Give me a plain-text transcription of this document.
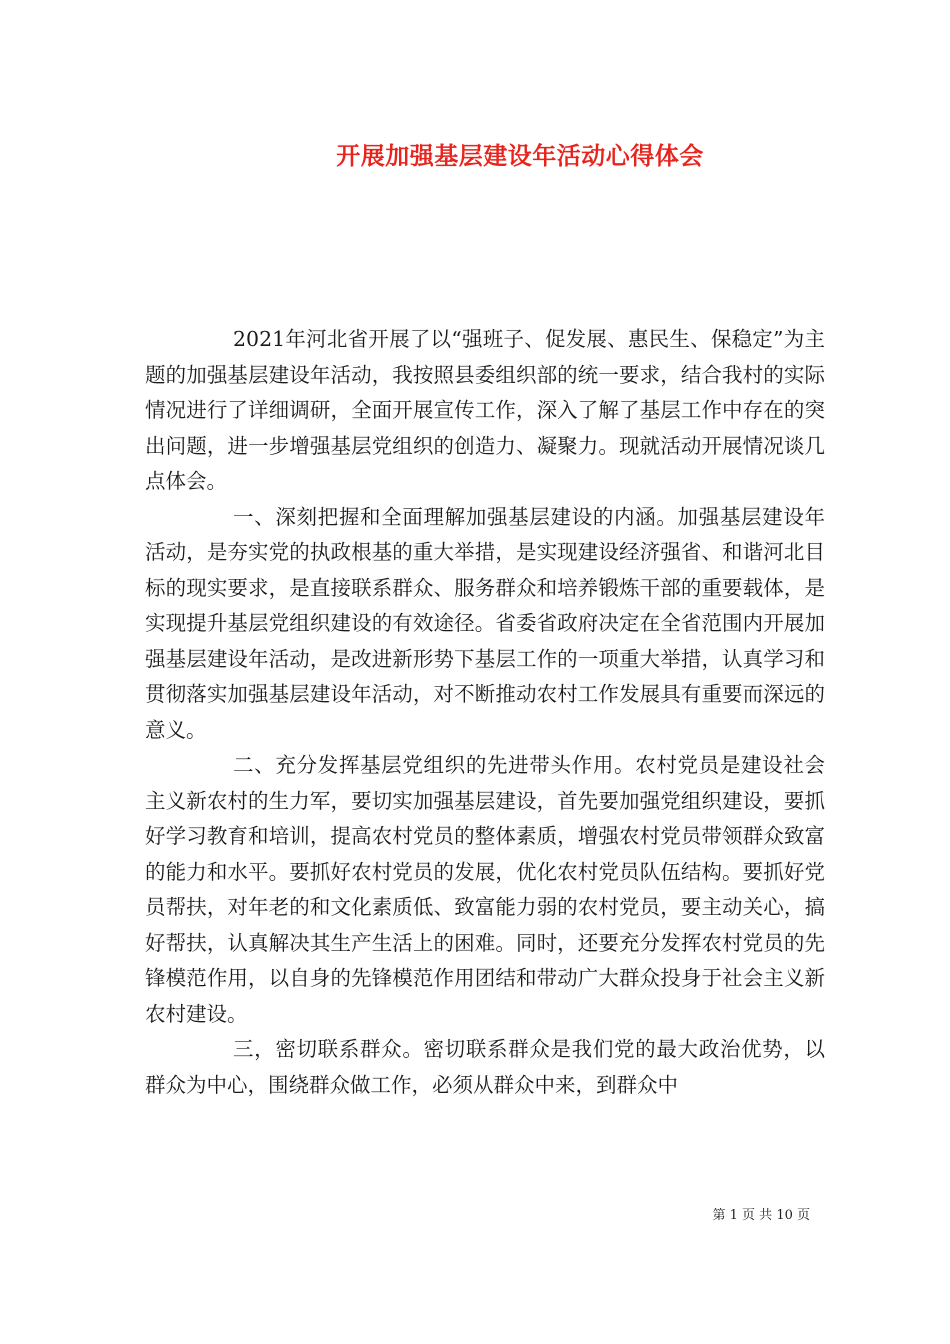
开展加强基层建设年活动心得体会

2021年河北省开展了以“强班子、促发展、惠民生、保稳定”为主题的加强基层建设年活动，我按照县委组织部的统一要求，结合我村的实际情况进行了详细调研，全面开展宣传工作，深入了解了基层工作中存在的突出问题，进一步增强基层党组织的创造力、凝聚力。现就活动开展情况谈几点体会。

一、深刻把握和全面理解加强基层建设的内涵。加强基层建设年活动，是夯实党的执政根基的重大举措，是实现建设经济强省、和谐河北目标的现实要求，是直接联系群众、服务群众和培养锻炼干部的重要载体，是实现提升基层党组织建设的有效途径。省委省政府决定在全省范围内开展加强基层建设年活动，是改进新形势下基层工作的一项重大举措，认真学习和贯彻落实加强基层建设年活动，对不断推动农村工作发展具有重要而深远的意义。

二、充分发挥基层党组织的先进带头作用。农村党员是建设社会主义新农村的生力军，要切实加强基层建设，首先要加强党组织建设，要抓好学习教育和培训，提高农村党员的整体素质，增强农村党员带领群众致富的能力和水平。要抓好农村党员的发展，优化农村党员队伍结构。要抓好党员帮扶，对年老的和文化素质低、致富能力弱的农村党员，要主动关心，搞好帮扶，认真解决其生产生活上的困难。同时，还要充分发挥农村党员的先锋模范作用，以自身的先锋模范作用团结和带动广大群众投身于社会主义新农村建设。

三，密切联系群众。密切联系群众是我们党的最大政治优势，以群众为中心，围绕群众做工作，必须从群众中来，到群众中

第 1 页 共 10 页
